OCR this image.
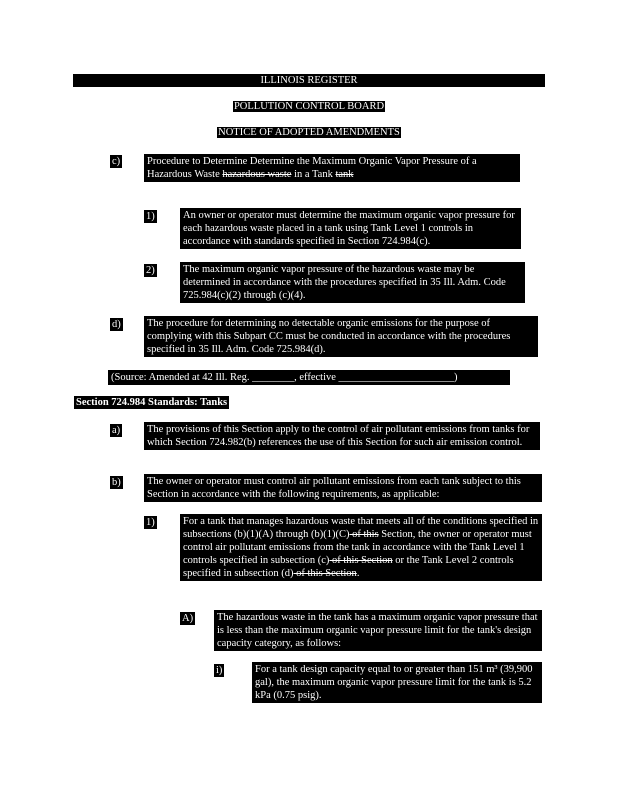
ILLINOIS REGISTER
POLLUTION CONTROL BOARD
NOTICE OF ADOPTED AMENDMENTS
c)	Procedure to Determine Determine the Maximum Organic Vapor Pressure of a Hazardous Waste hazardous waste in a Tank tank
1)	An owner or operator must determine the maximum organic vapor pressure for each hazardous waste placed in a tank using Tank Level 1 controls in accordance with standards specified in Section 724.984(c).
2)	The maximum organic vapor pressure of the hazardous waste may be determined in accordance with the procedures specified in 35 Ill. Adm. Code 725.984(c)(2) through (c)(4).
d)	The procedure for determining no detectable organic emissions for the purpose of complying with this Subpart CC must be conducted in accordance with the procedures specified in 35 Ill. Adm. Code 725.984(d).
(Source: Amended at 42 Ill. Reg. ________, effective ______________________)
Section 724.984 Standards: Tanks
a)	The provisions of this Section apply to the control of air pollutant emissions from tanks for which Section 724.982(b) references the use of this Section for such air emission control.
b)	The owner or operator must control air pollutant emissions from each tank subject to this Section in accordance with the following requirements, as applicable:
1)	For a tank that manages hazardous waste that meets all of the conditions specified in subsections (b)(1)(A) through (b)(1)(C) of this Section, the owner or operator must control air pollutant emissions from the tank in accordance with the Tank Level 1 controls specified in subsection (c) of this Section or the Tank Level 2 controls specified in subsection (d) of this Section.
A) The hazardous waste in the tank has a maximum organic vapor pressure that is less than the maximum organic vapor pressure limit for the tank's design capacity category, as follows:
i)	For a tank design capacity equal to or greater than 151 m³ (39,900 gal), the maximum organic vapor pressure limit for the tank is 5.2 kPa (0.75 psig).
